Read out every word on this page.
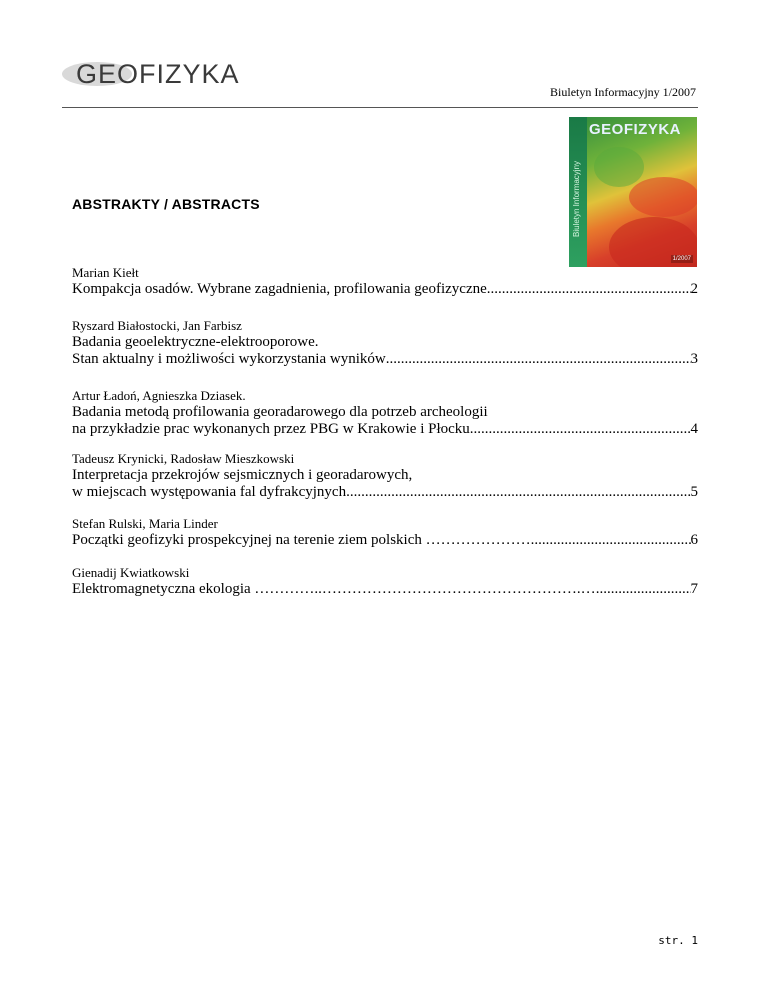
GEOFIZYKA
Biuletyn Informacyjny 1/2007
GEOFIZYKA
Biuletyn Informacyjny
1/2007
ABSTRAKTY / ABSTRACTS
Marian Kiełt
Kompakcja osadów. Wybrane zagadnienia, profilowania geofizyczne .....	2
Ryszard Białostocki, Jan Farbisz
Badania geoelektryczne-elektrooporowe.
Stan aktualny i możliwości wykorzystania wyników .....	3
Artur Ładoń, Agnieszka Dziasek.
Badania metodą profilowania georadarowego dla potrzeb archeologii
na przykładzie prac wykonanych przez PBG w Krakowie i Płocku .....	4
Tadeusz Krynicki, Radosław Mieszkowski
Interpretacja przekrojów sejsmicznych i georadarowych,
w miejscach występowania fal dyfrakcyjnych .....	5
Stefan Rulski, Maria Linder
Początki geofizyki prospekcyjnej na terenie ziem polskich ………………….. .....	6
Gienadij Kwiatkowski
Elektromagnetyczna ekologia …………..…………………………………………….… .....	7
str. 1
